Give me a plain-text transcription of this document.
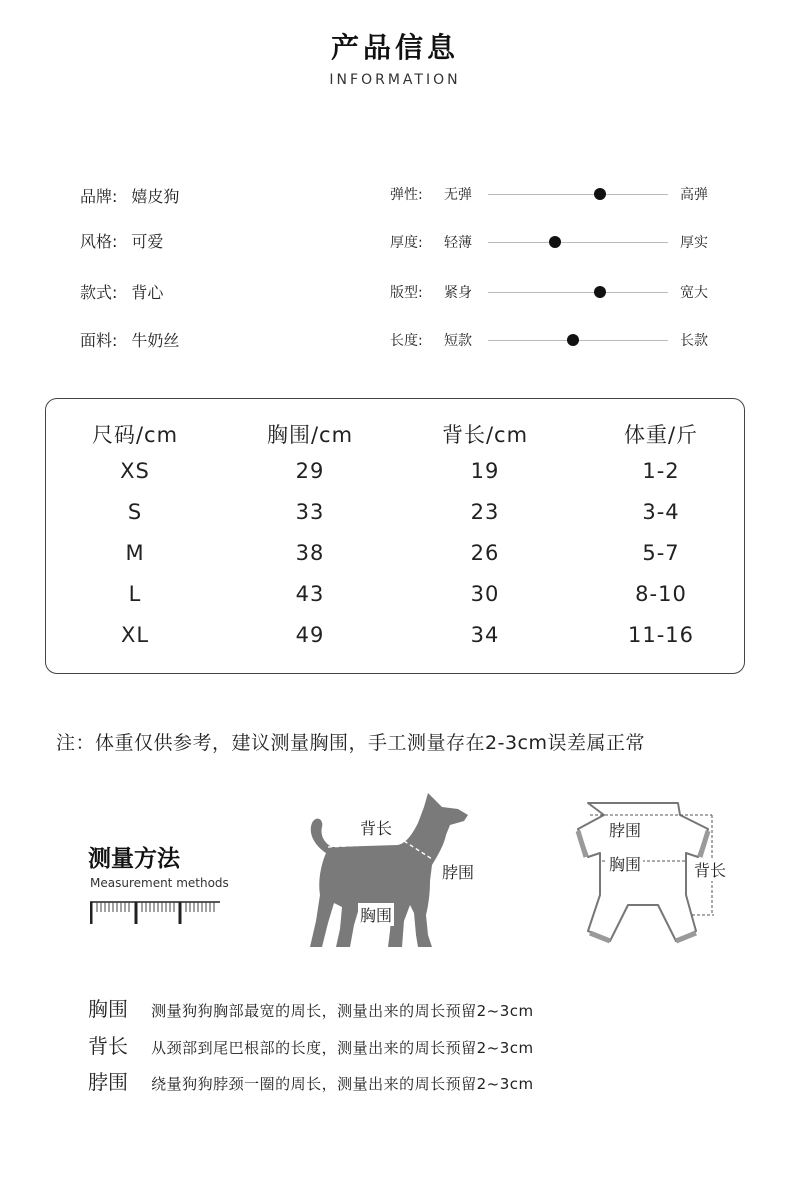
产品信息
INFORMATION
品牌: 嬉皮狗
风格: 可爱
款式: 背心
面料: 牛奶丝
弹性: 无弹	高弹
厚度: 轻薄	厚实
版型: 紧身	宽大
长度: 短款	长款
尺码/cm	胸围/cm	背长/cm	体重/斤
XS	29	19	1-2
S	33	23	3-4
M	38	26	5-7
L	43	30	8-10
XL	49	34	11-16
注：体重仅供参考，建议测量胸围，手工测量存在2-3cm误差属正常
测量方法
Measurement methods
背长
脖围
胸围
脖围
胸围	背长
胸围 测量狗狗胸部最宽的周长，测量出来的周长预留2~3cm
背长 从颈部到尾巴根部的长度，测量出来的周长预留2~3cm
脖围 绕量狗狗脖颈一圈的周长，测量出来的周长预留2~3cm
